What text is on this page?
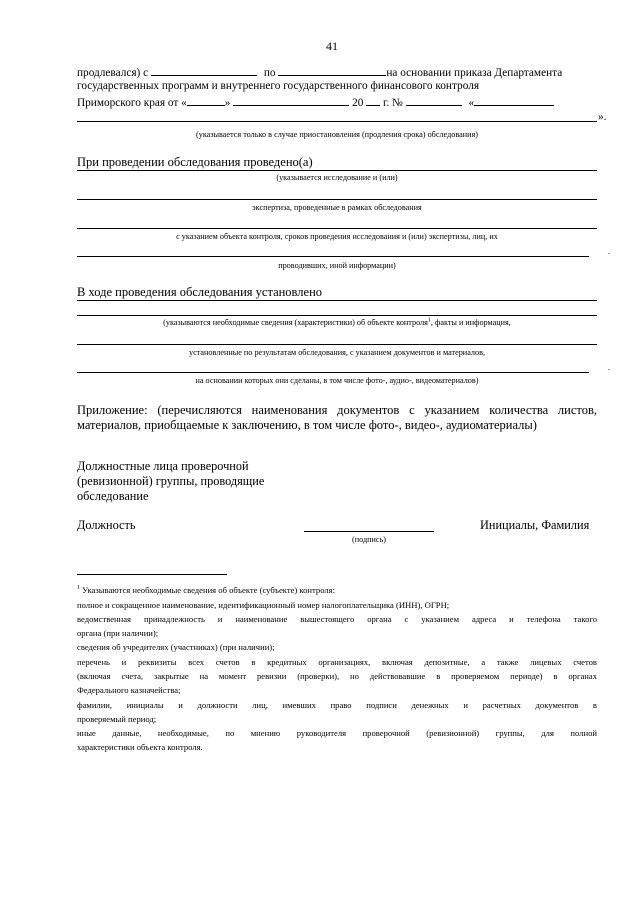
41
продлевался) с	по	на основании приказа Департамента
государственных программ и внутреннего государственного финансового контроля
Приморского края от «	»	20 г. №	«
».
(указывается только в случае приостановления (продления срока) обследования)
При проведении обследования проведено(а)
(указывается исследование и (или)
экспертиза, проведенные в рамках обследования
с указанием объекта контроля, сроков проведения исследования и (или) экспертизы, лиц, их
.
проводивших, иной информации)
В ходе проведения обследования установлено
(указываются необходимые сведения (характеристики) об объекте контроля$^1$, факты и информация,
установленные по результатам обследования, с указанием документов и материалов,
.
на основании которых они сделаны, в том числе фото-, аудио-, видеоматериалов)
Приложение: (перечисляются наименования документов с указанием количества листов,
материалов, приобщаемые к заключению, в том числе фото-, видео-, аудиоматериалы)
Должностные лица проверочной
(ревизионной) группы, проводящие
обследование
Должность
(подпись)
Инициалы, Фамилия
$^1$ Указываются необходимые сведения об объекте (субъекте) контроля:
полное и сокращенное наименование, идентификационный номер налогоплательщика (ИНН), ОГРН;
ведомственная принадлежность и наименование вышестоящего органа с указанием адреса и телефона такого
органа (при наличии);
сведения об учредителях (участниках) (при наличии);
перечень и реквизиты всех счетов в кредитных организациях, включая депозитные, а также лицевых счетов
(включая счета, закрытые на момент ревизии (проверки), но действовавшие в проверяемом периоде) в органах
Федерального казначейства;
фамилии, инициалы и должности лиц, имевших право подписи денежных и расчетных документов в
проверяемый период;
иные данные, необходимые, по мнению руководителя проверочной (ревизионной) группы, для полной
характеристики объекта контроля.
